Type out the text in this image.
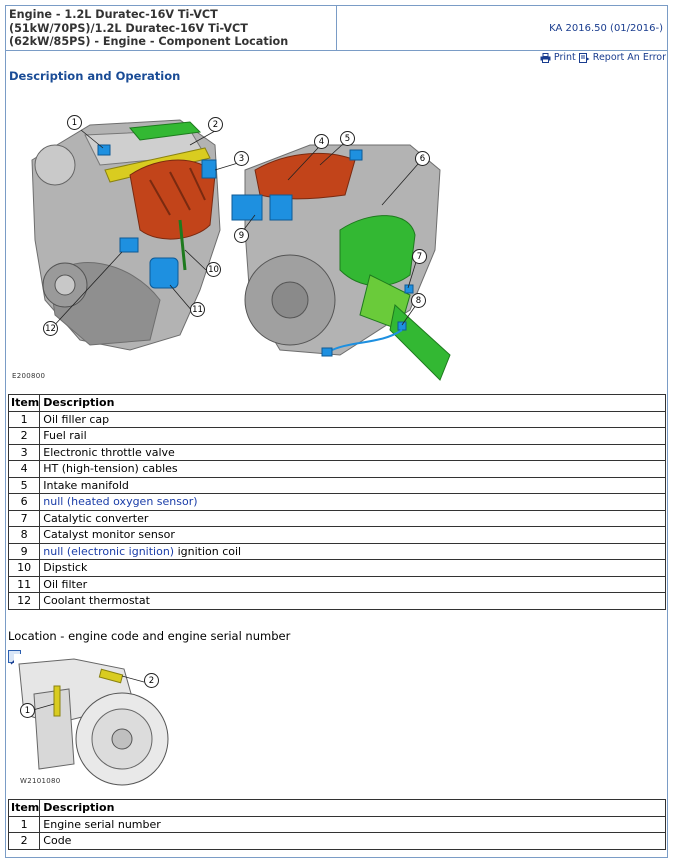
Engine - 1.2L Duratec-16V Ti-VCT (51kW/70PS)/1.2L Duratec-16V Ti-VCT (62kW/85PS) - Engine - Component Location
KA 2016.50 (01/2016-)
Print Report An Error
Description and Operation
1	2
3
4	5
6
7
8
9
10
11
12
E200800
Item	Description
1	Oil filler cap
2	Fuel rail
3	Electronic throttle valve
4	HT (high-tension) cables
5	Intake manifold
6	null (heated oxygen sensor)
7	Catalytic converter
8	Catalyst monitor sensor
9	null (electronic ignition) ignition coil
10	Dipstick
11	Oil filter
12	Coolant thermostat
Location - engine code and engine serial number
1
2
W2101080
Item	Description
1	Engine serial number
2	Code
